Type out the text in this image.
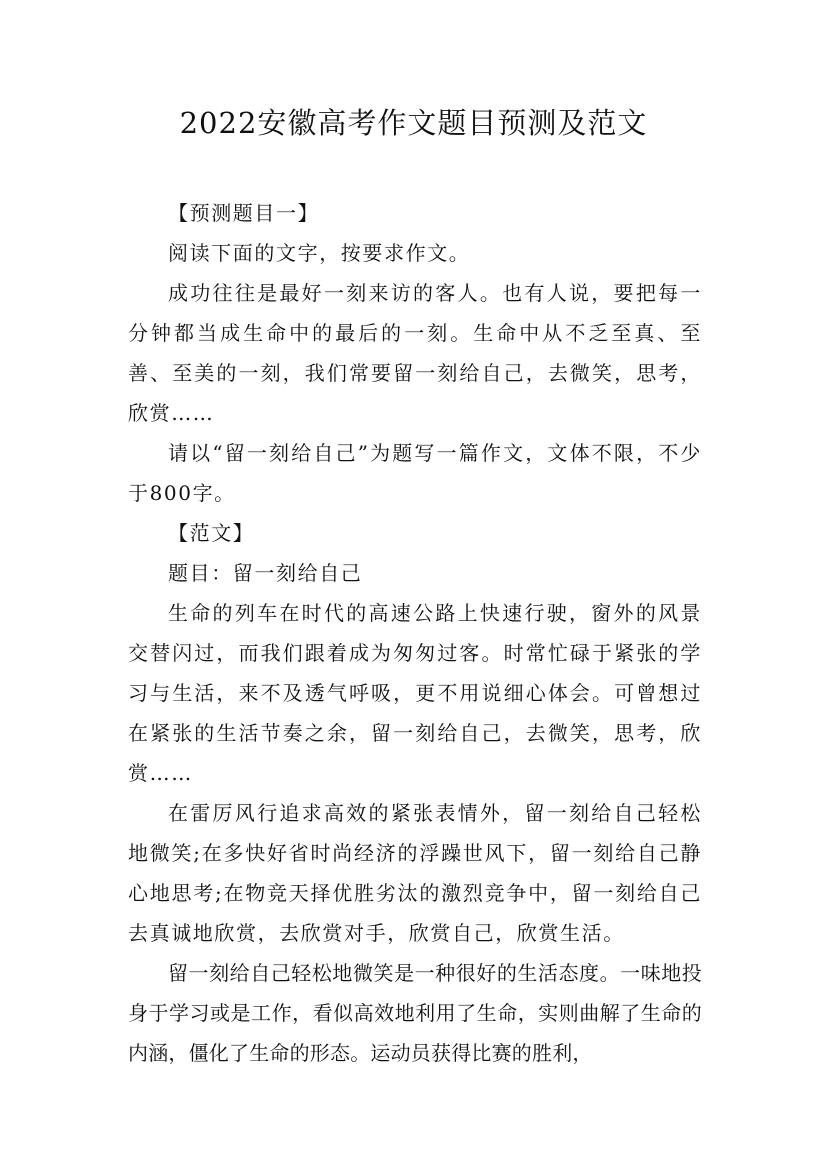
2022安徽高考作文题目预测及范文

【预测题目一】

阅读下面的文字，按要求作文。

成功往往是最好一刻来访的客人。也有人说，要把每一分钟都当成生命中的最后的一刻。生命中从不乏至真、至善、至美的一刻，我们常要留一刻给自己，去微笑，思考，欣赏……

请以“留一刻给自己”为题写一篇作文，文体不限，不少于800字。

【范文】

题目：留一刻给自己

生命的列车在时代的高速公路上快速行驶，窗外的风景交替闪过，而我们跟着成为匆匆过客。时常忙碌于紧张的学习与生活，来不及透气呼吸，更不用说细心体会。可曾想过在紧张的生活节奏之余，留一刻给自己，去微笑，思考，欣赏……

在雷厉风行追求高效的紧张表情外，留一刻给自己轻松地微笑;在多快好省时尚经济的浮躁世风下，留一刻给自己静心地思考;在物竞天择优胜劣汰的激烈竞争中，留一刻给自己去真诚地欣赏，去欣赏对手，欣赏自己，欣赏生活。

留一刻给自己轻松地微笑是一种很好的生活态度。一味地投身于学习或是工作，看似高效地利用了生命，实则曲解了生命的内涵，僵化了生命的形态。运动员获得比赛的胜利，
